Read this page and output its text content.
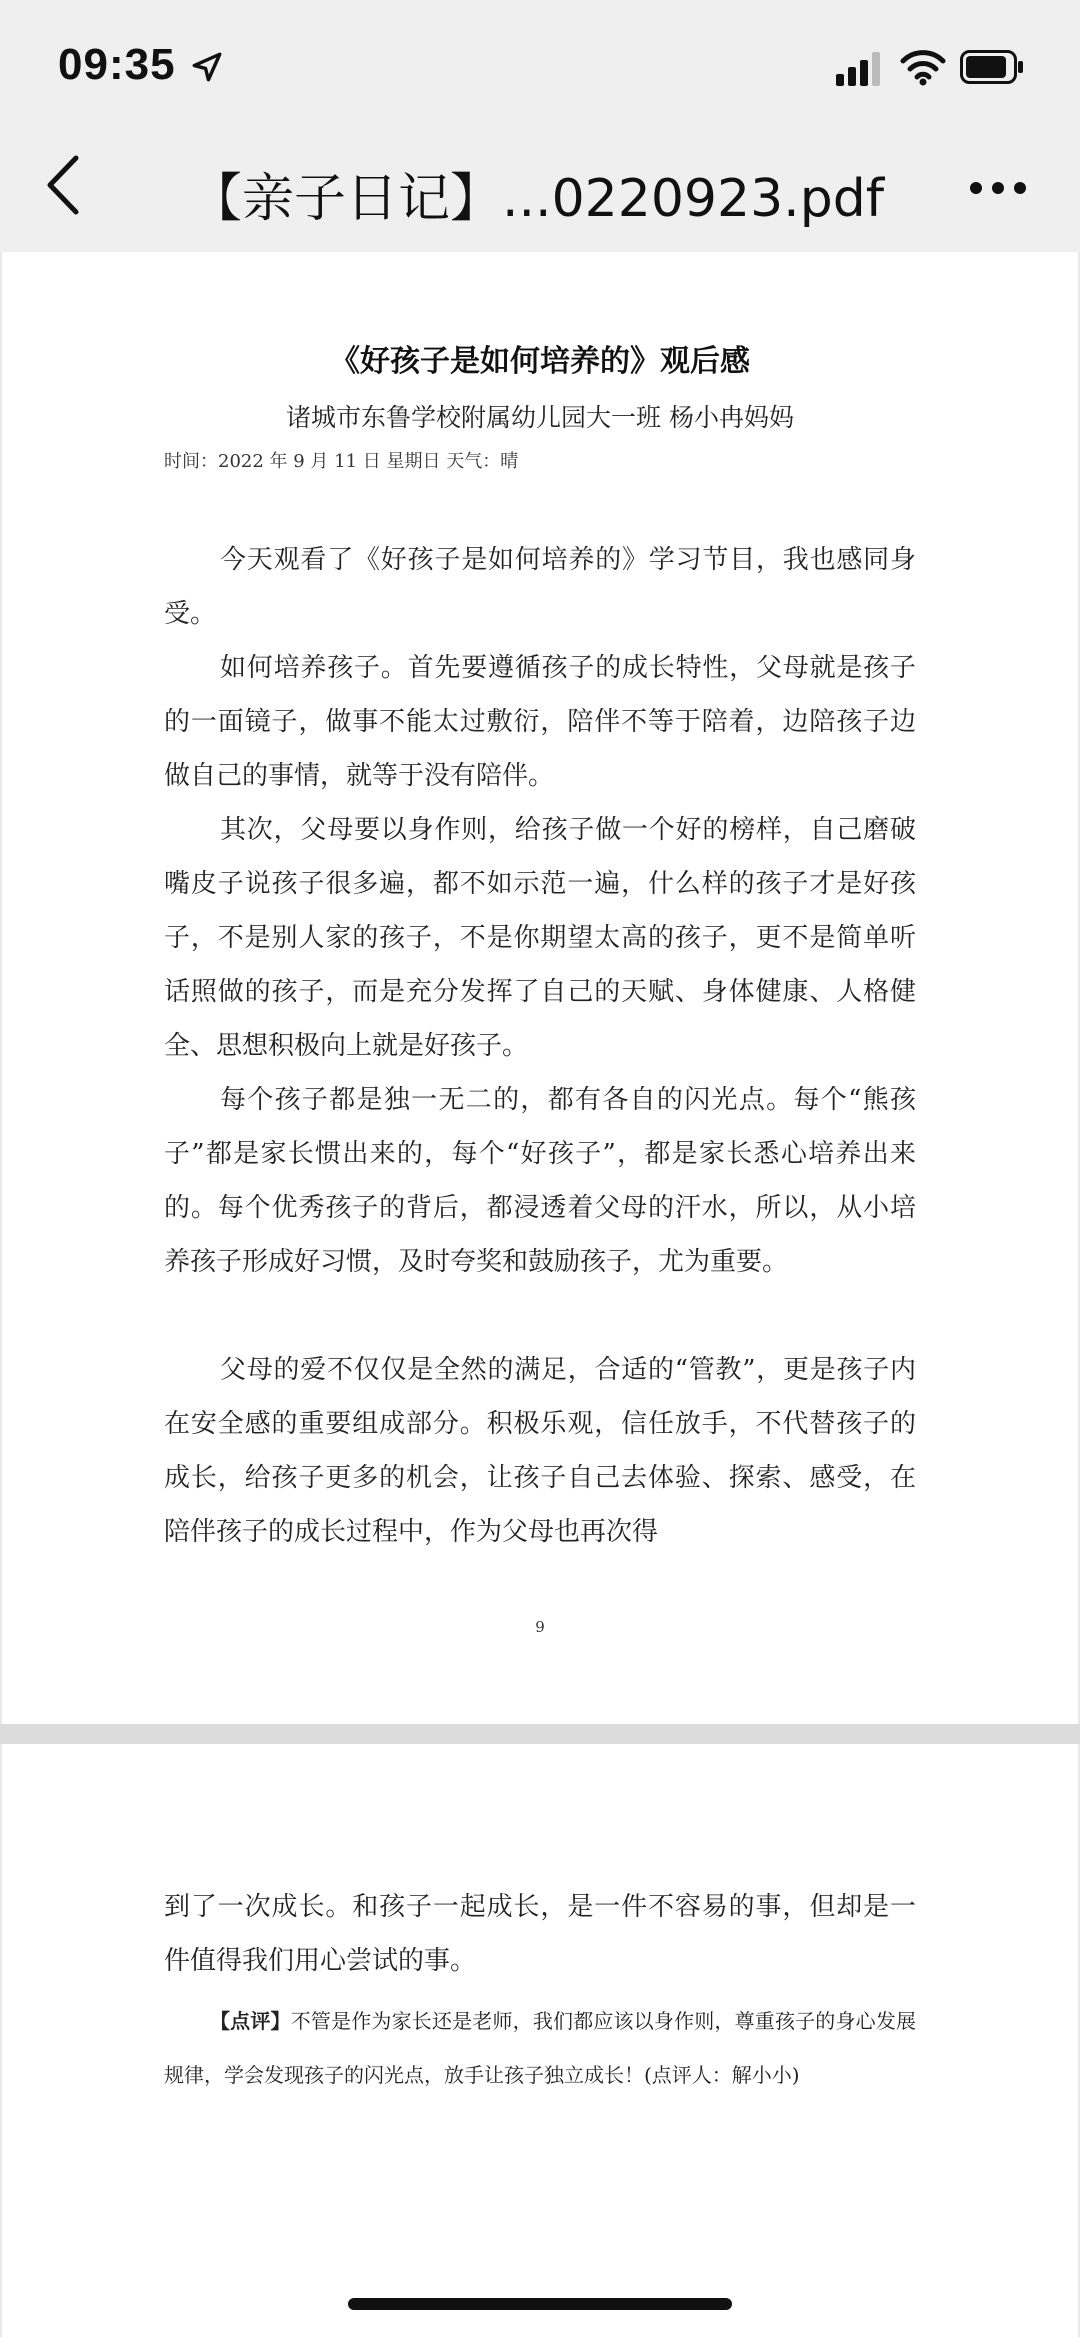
09:35
【亲子日记】...0220923.pdf
《好孩子是如何培养的》观后感
诸城市东鲁学校附属幼儿园大一班 杨小冉妈妈
时间：2022 年 9 月 11 日 星期日 天气：晴

今天观看了《好孩子是如何培养的》学习节目，我也感同身受。

如何培养孩子。首先要遵循孩子的成长特性，父母就是孩子的一面镜子，做事不能太过敷衍，陪伴不等于陪着，边陪孩子边做自己的事情，就等于没有陪伴。

其次，父母要以身作则，给孩子做一个好的榜样，自己磨破嘴皮子说孩子很多遍，都不如示范一遍，什么样的孩子才是好孩子，不是别人家的孩子，不是你期望太高的孩子，更不是简单听话照做的孩子，而是充分发挥了自己的天赋、身体健康、人格健全、思想积极向上就是好孩子。

每个孩子都是独一无二的，都有各自的闪光点。每个“熊孩子”都是家长惯出来的，每个“好孩子”，都是家长悉心培养出来的。每个优秀孩子的背后，都浸透着父母的汗水，所以，从小培养孩子形成好习惯，及时夸奖和鼓励孩子，尤为重要。

父母的爱不仅仅是全然的满足，合适的“管教”，更是孩子内在安全感的重要组成部分。积极乐观，信任放手，不代替孩子的成长，给孩子更多的机会，让孩子自己去体验、探索、感受，在陪伴孩子的成长过程中，作为父母也再次得

9

到了一次成长。和孩子一起成长，是一件不容易的事，但却是一件值得我们用心尝试的事。

【点评】不管是作为家长还是老师，我们都应该以身作则，尊重孩子的身心发展规律，学会发现孩子的闪光点，放手让孩子独立成长！(点评人：解小小)
